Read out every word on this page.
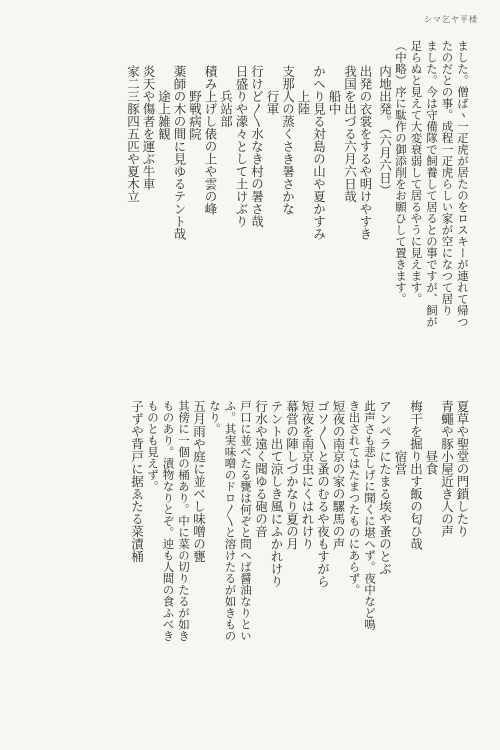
シマ乞ヤ平楼

ました。僧ばヽ一疋虎が居たのをロスキーが連れて帰つ

たのだとの事。成程一疋虎らしい家が空になつて居り

ました。今は守備隊で飼養して居るとの事ですが、飼が

足らぬと見えて大変衰弱して居るやうに見えます。

（中略）序に駄作の御添削をお願ひして置きます。

内地出発。（六月六日）

出発の衣裳をするや明けやすき

我国を出づる六月六日哉

船中

かへり見る対島の山や夏かすみ

上陸

支那人の蒸くさき暑さかな

行軍

行けど〳〵水なき村の暑さ哉

日盛りや濛々として土けぶり

兵站部

積み上げし俵の上や雲の峰

野戦病院

薬師の木の間に見ゆるテント哉

途上雑観

炎天や傷者を運ぶ牛車

家二三豚四五匹や夏木立

夏草や聖堂の門鎖したり

青蠅や豚小屋近き人の声

昼食

梅干を掘り出す飯の匂ひ哉

宿営

アンペラにたまる埃や蚤のとぶ

此声さも悲しげに聞くに堪へず。夜中など鳴

き出されてはたまつたものにあらず。

短夜の南京の家の騾馬の声

ゴソ〳〵と蚤のむるや夜もすがら

短夜を南京虫にくはれけり

幕営の陣しづかなり夏の月

テント出て涼しき風にふかれけり

行水や遠く聞ゆる砲の音

戸口に並べたる甕は何ぞと問へば醤油なりとい

ふ。其実味噌のドロ〳〵と溶けたるが如きもの

なり。

五月雨や庭に並べし味噌の甕

其傍に一個の桶あり。中に菜の切りたるが如き

ものあり。漬物なりとぞ。迚も人間の食ふべき

ものとも見えず。

子ずや背戸に据ゑたる菜漬桶
